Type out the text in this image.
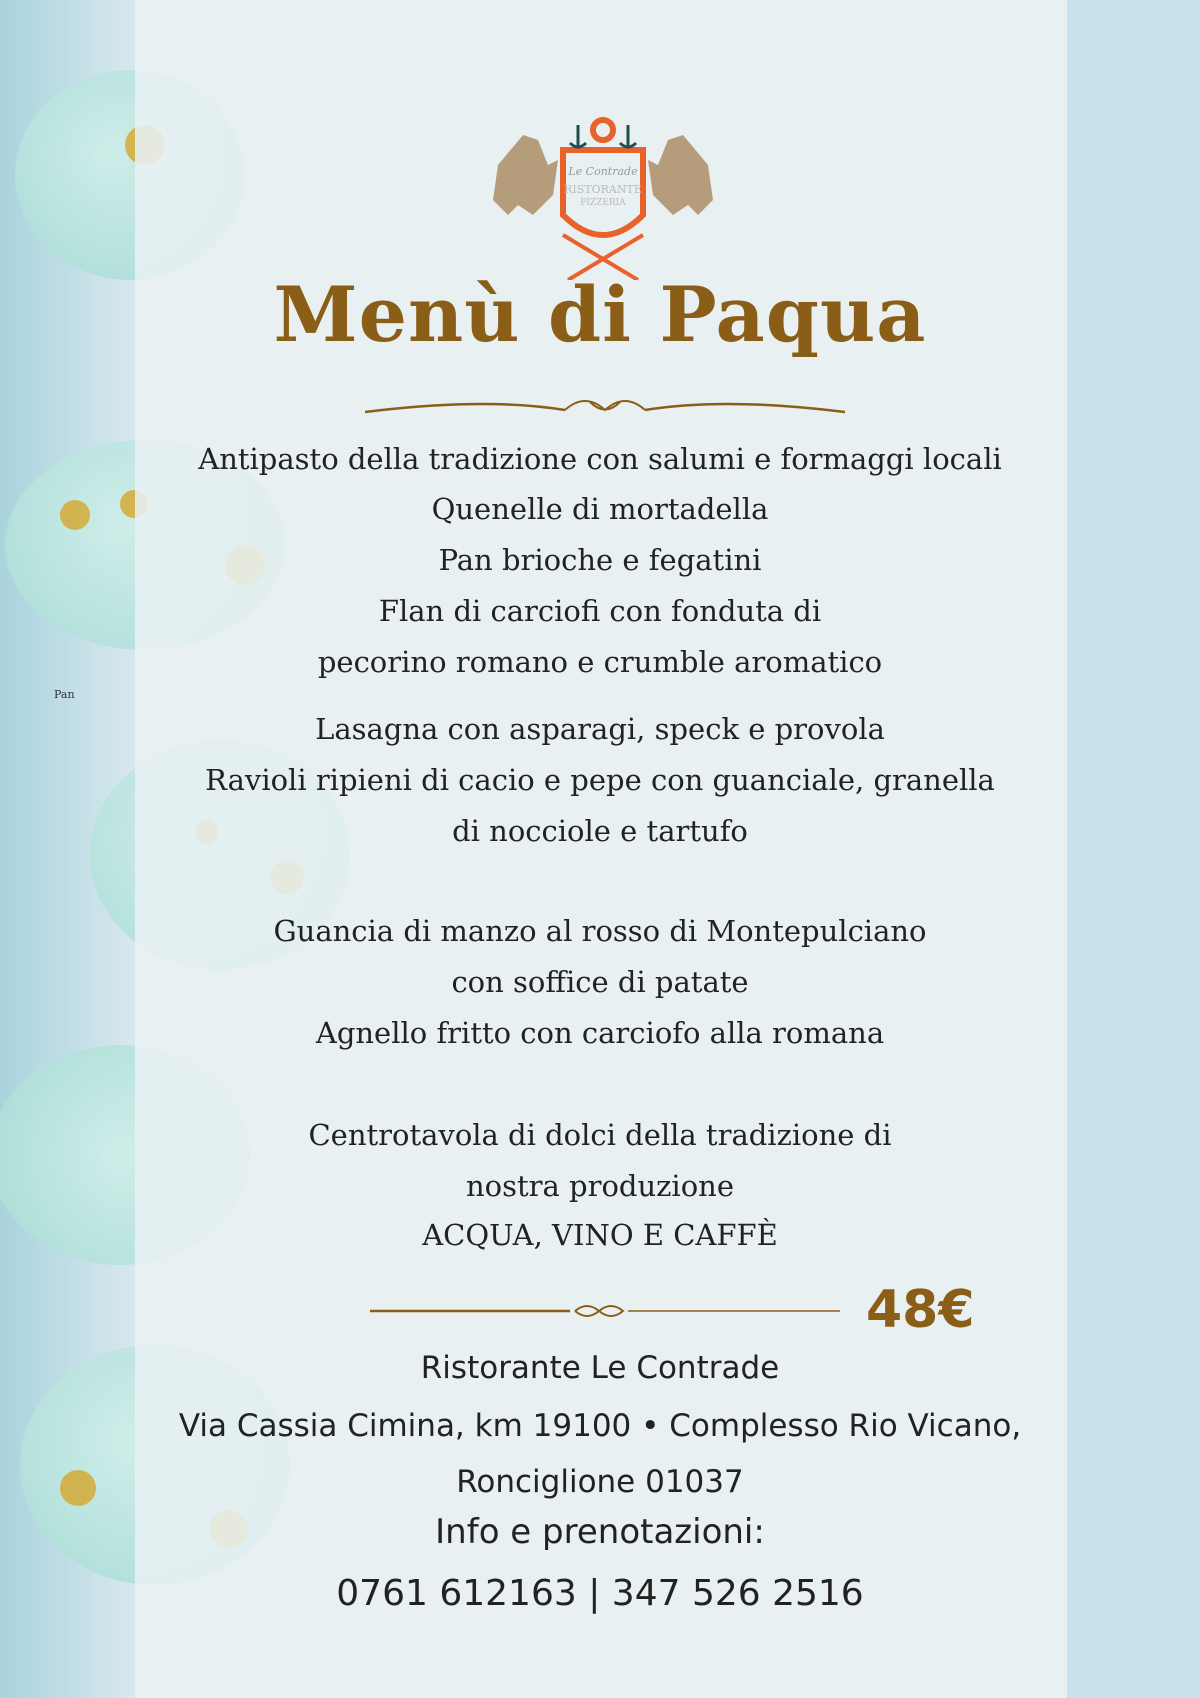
Pan
Le Contrade
RISTORANTE
PIZZERIA
Menù di Paqua
Antipasto della tradizione con salumi e formaggi locali
Quenelle di mortadella
Pan brioche e fegatini
Flan di carciofi con fonduta di
pecorino romano e crumble aromatico
Lasagna con asparagi, speck e provola
Ravioli ripieni di cacio e pepe con guanciale, granella
di nocciole e tartufo
Guancia di manzo al rosso di Montepulciano
con soffice di patate
Agnello fritto con carciofo alla romana
Centrotavola di dolci della tradizione di
nostra produzione
ACQUA, VINO E CAFFÈ
48€
Ristorante Le Contrade
Via Cassia Cimina, km 19100 • Complesso Rio Vicano,
Ronciglione 01037
Info e prenotazioni:
0761 612163 | 347 526 2516
